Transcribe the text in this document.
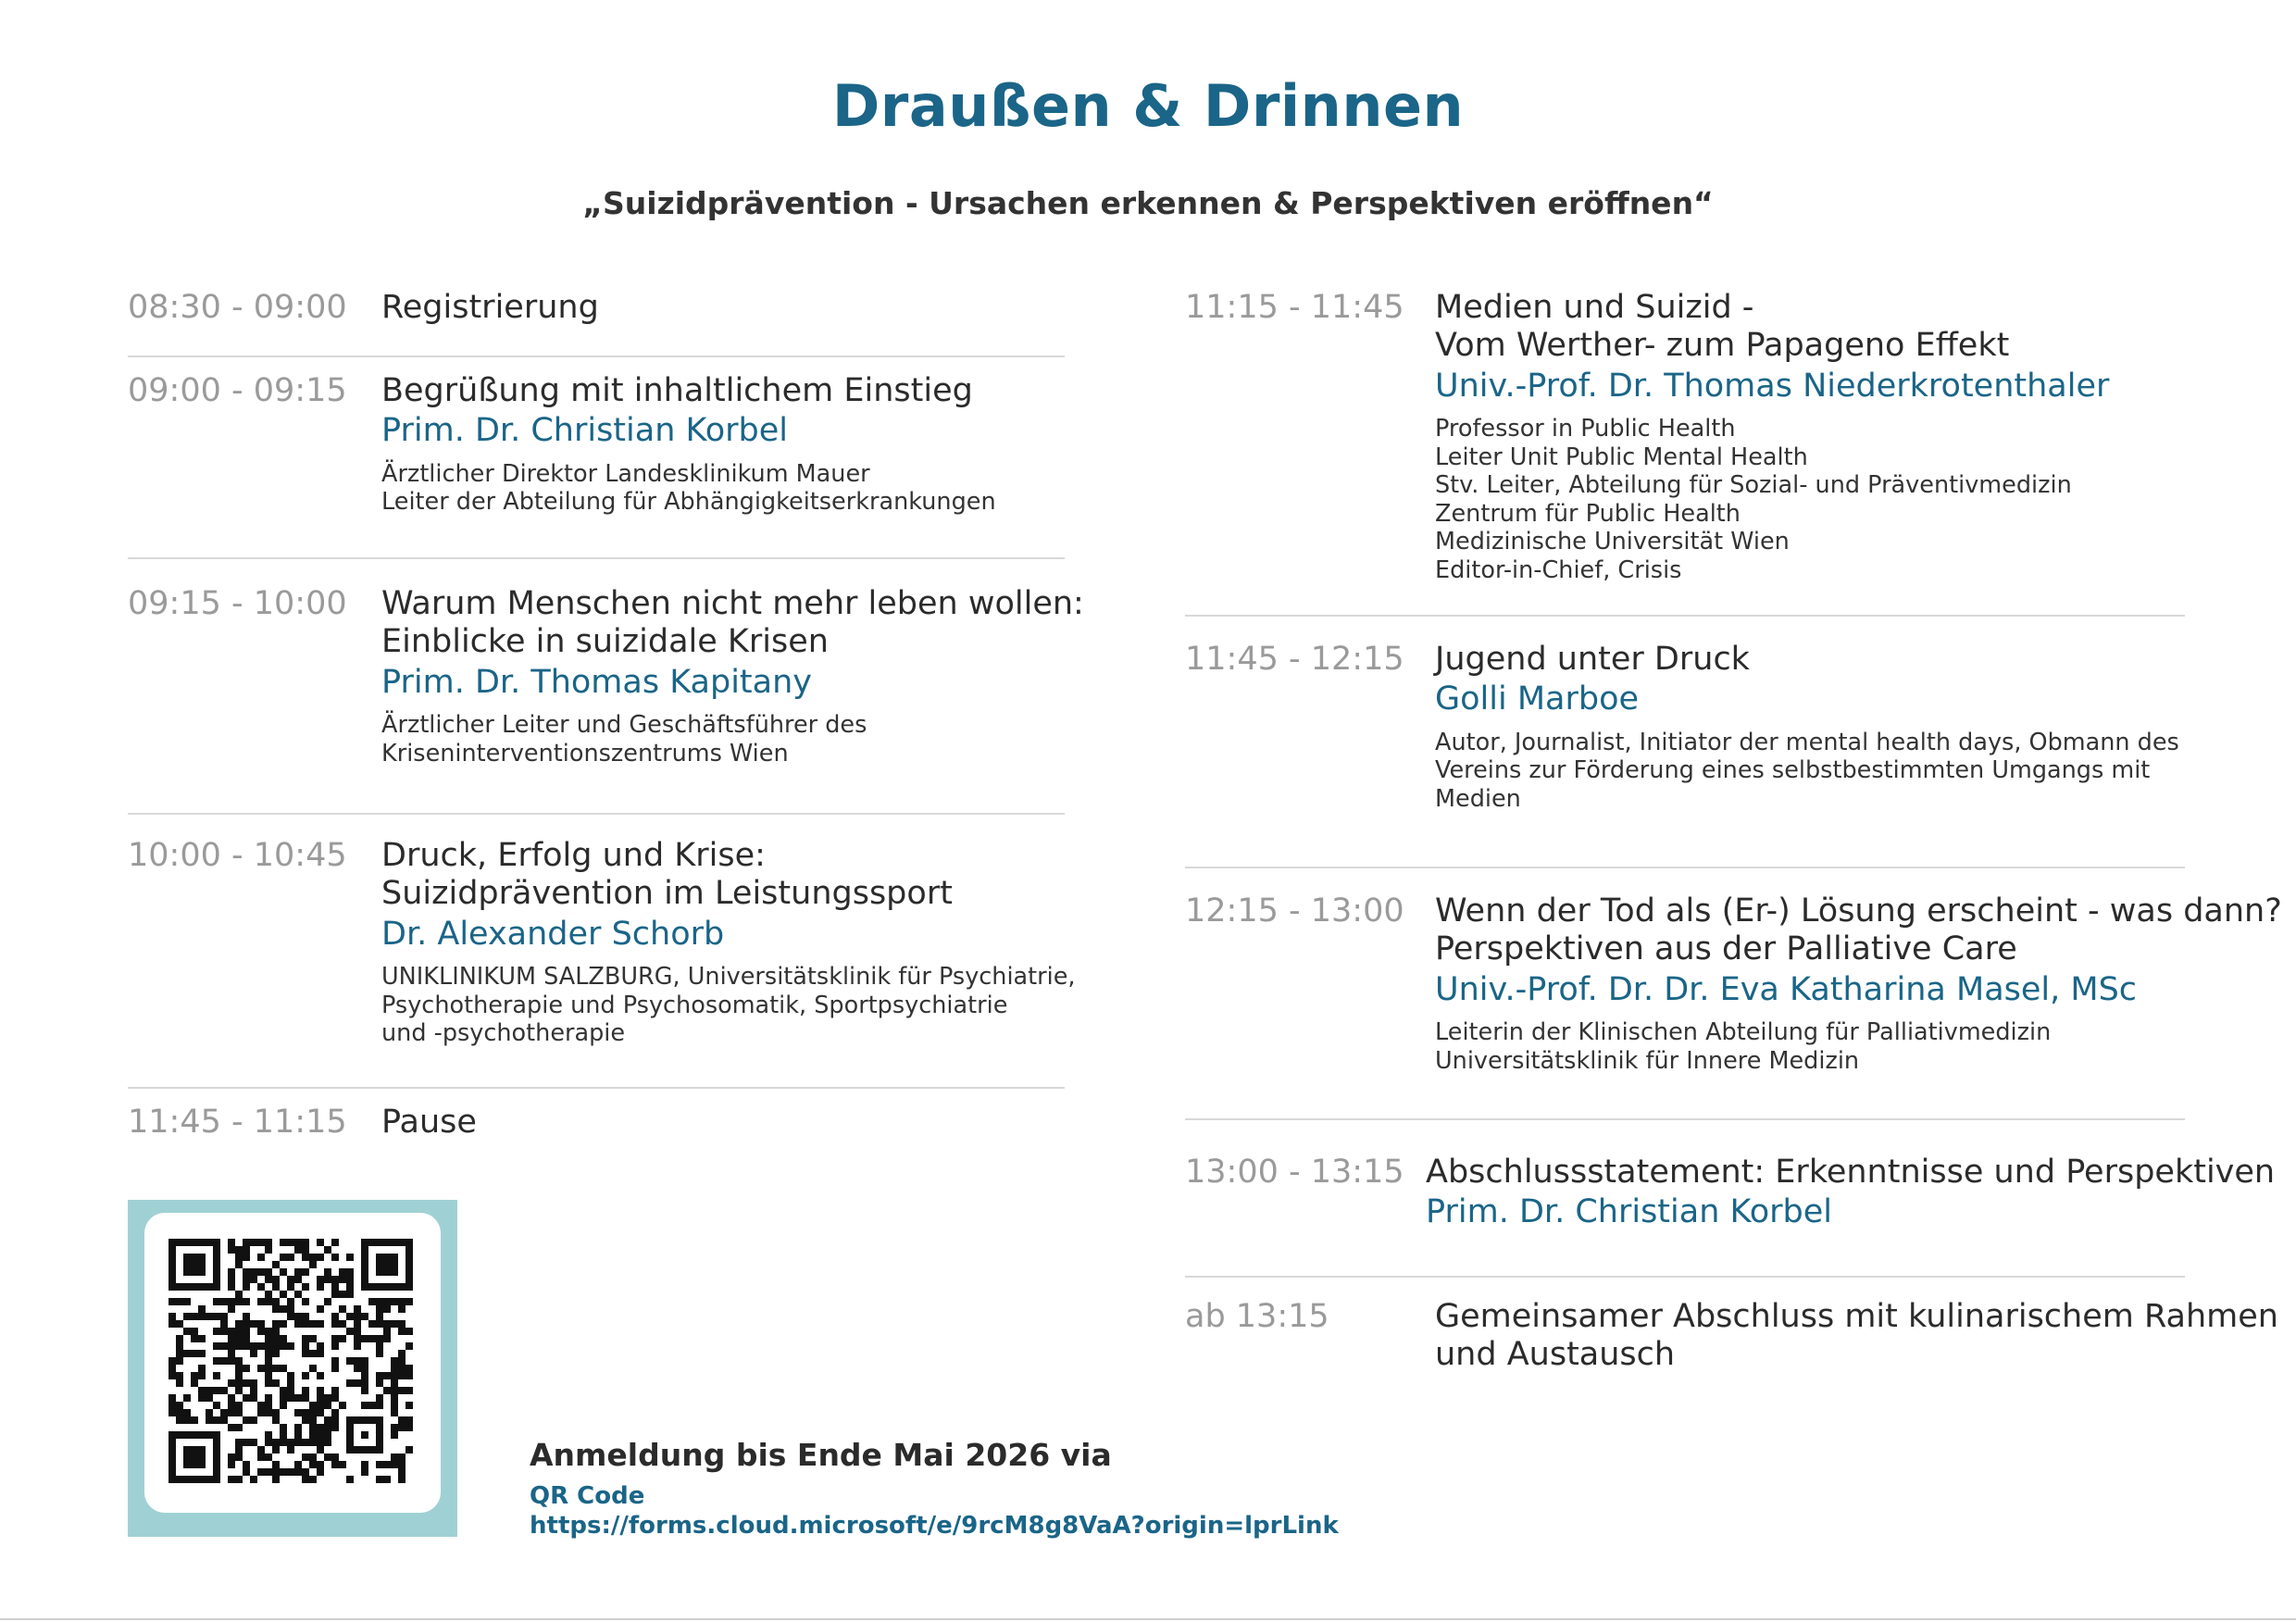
Draußen & Drinnen
„Suizidprävention - Ursachen erkennen & Perspektiven eröffnen“
08:30 - 09:00	Registrierung
09:00 - 09:15	Begrüßung mit inhaltlichem Einstieg
Prim. Dr. Christian Korbel
Ärztlicher Direktor Landesklinikum Mauer
Leiter der Abteilung für Abhängigkeitserkrankungen
09:15 - 10:00	Warum Menschen nicht mehr leben wollen:
Einblicke in suizidale Krisen
Prim. Dr. Thomas Kapitany
Ärztlicher Leiter und Geschäftsführer des
Kriseninterventionszentrums Wien
10:00 - 10:45	Druck, Erfolg und Krise:
Suizidprävention im Leistungssport
Dr. Alexander Schorb
UNIKLINIKUM SALZBURG, Universitätsklinik für Psychiatrie,
Psychotherapie und Psychosomatik, Sportpsychiatrie
und -psychotherapie
11:45 - 11:15	Pause
11:15 - 11:45 Medien und Suizid -
Vom Werther- zum Papageno Effekt
Univ.-Prof. Dr. Thomas Niederkrotenthaler
Professor in Public Health
Leiter Unit Public Mental Health
Stv. Leiter, Abteilung für Sozial- und Präventivmedizin
Zentrum für Public Health
Medizinische Universität Wien
Editor-in-Chief, Crisis
11:45 - 12:15 Jugend unter Druck
Golli Marboe
Autor, Journalist, Initiator der mental health days, Obmann des
Vereins zur Förderung eines selbstbestimmten Umgangs mit
Medien
12:15 - 13:00 Wenn der Tod als (Er-) Lösung erscheint - was dann?
Perspektiven aus der Palliative Care
Univ.-Prof. Dr. Dr. Eva Katharina Masel, MSc
Leiterin der Klinischen Abteilung für Palliativmedizin
Universitätsklinik für Innere Medizin
13:00 - 13:15 Abschlussstatement: Erkenntnisse und Perspektiven
Prim. Dr. Christian Korbel
ab 13:15	Gemeinsamer Abschluss mit kulinarischem Rahmen
und Austausch
Anmeldung bis Ende Mai 2026 via
QR Code
https://forms.cloud.microsoft/e/9rcM8g8VaA?origin=lprLink
